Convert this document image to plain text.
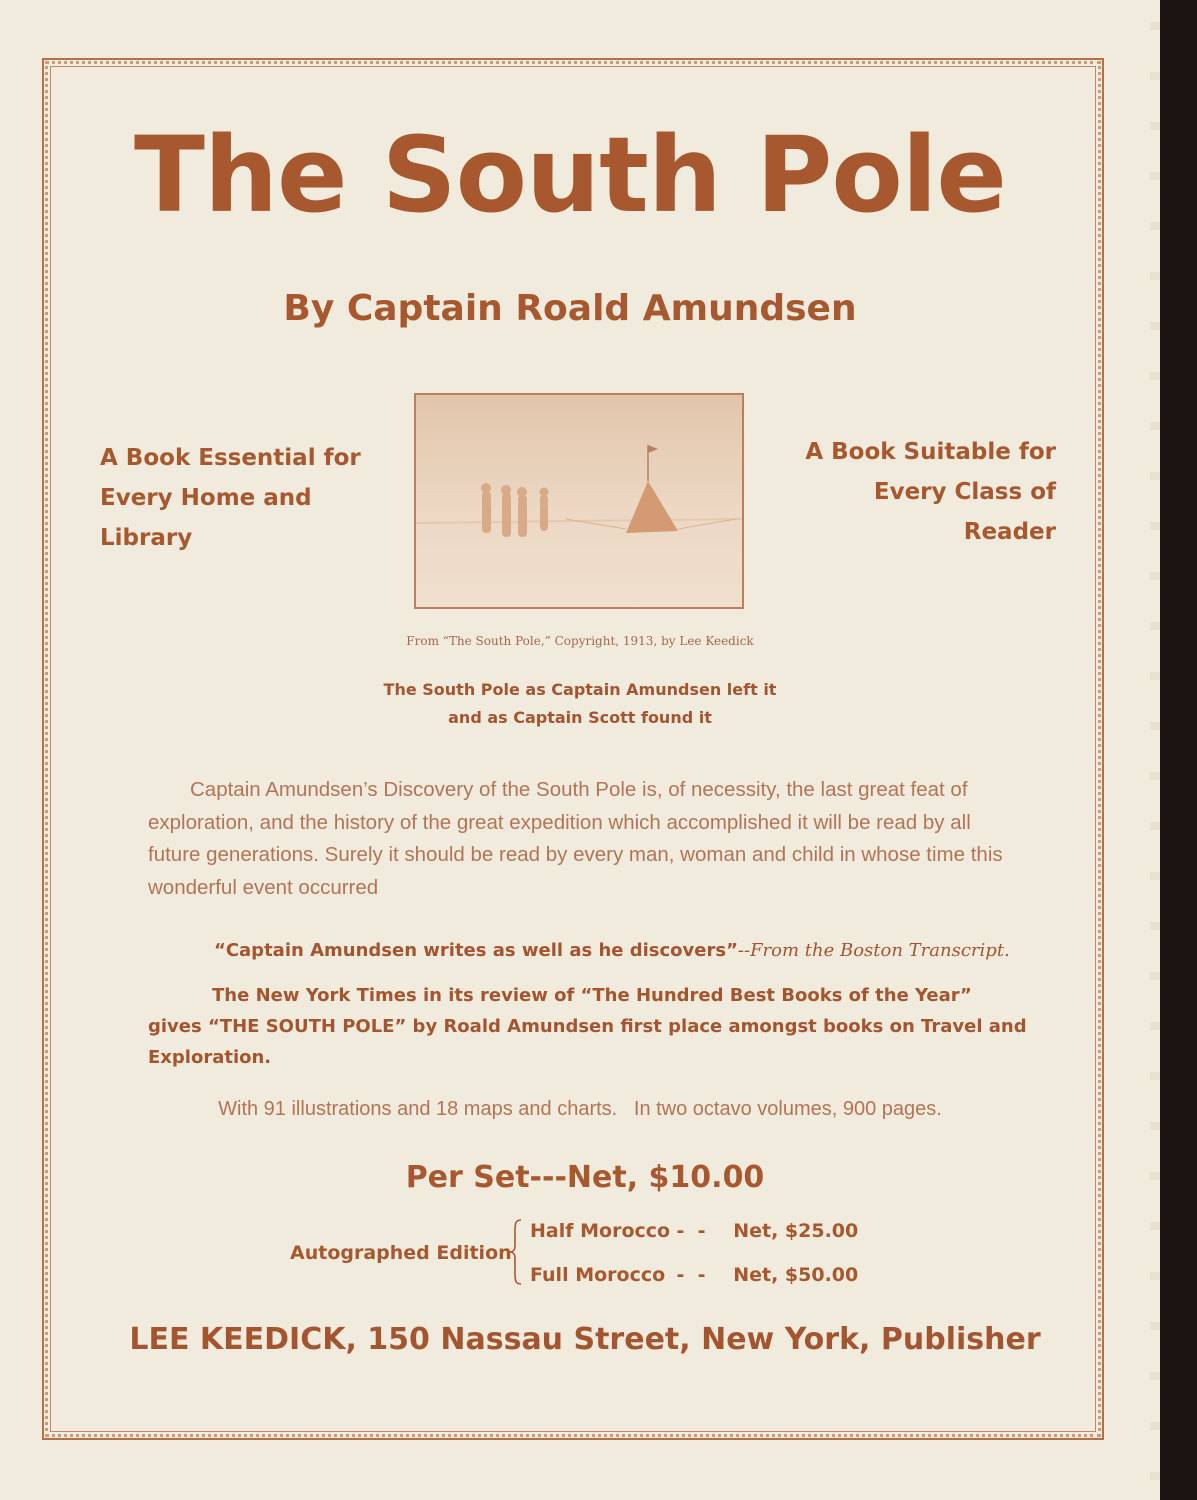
The South Pole
By Captain Roald Amundsen
A Book Essential for
Every Home and
Library
A Book Suitable for
Every Class of
Reader
From “The South Pole,” Copyright, 1913, by Lee Keedick
The South Pole as Captain Amundsen left it
and as Captain Scott found it
Captain Amundsen’s Discovery of the South Pole is, of necessity, the last great feat of exploration, and the history of the great expedition which accomplished it will be read by all future generations. Surely it should be read by every man, woman and child in whose time this wonderful event occurred
“Captain Amundsen writes as well as he discovers”--From the Boston Transcript.
The New York Times in its review of “The Hundred Best Books of the Year” gives “THE SOUTH POLE” by Roald Amundsen first place amongst books on Travel and Exploration.
With 91 illustrations and 18 maps and charts.   In two octavo volumes, 900 pages.
Per Set---Net, $10.00
Autographed Edition
Half Morocco -  -	Net, $25.00
Full Morocco -  -	Net, $50.00
LEE KEEDICK, 150 Nassau Street, New York, Publisher
